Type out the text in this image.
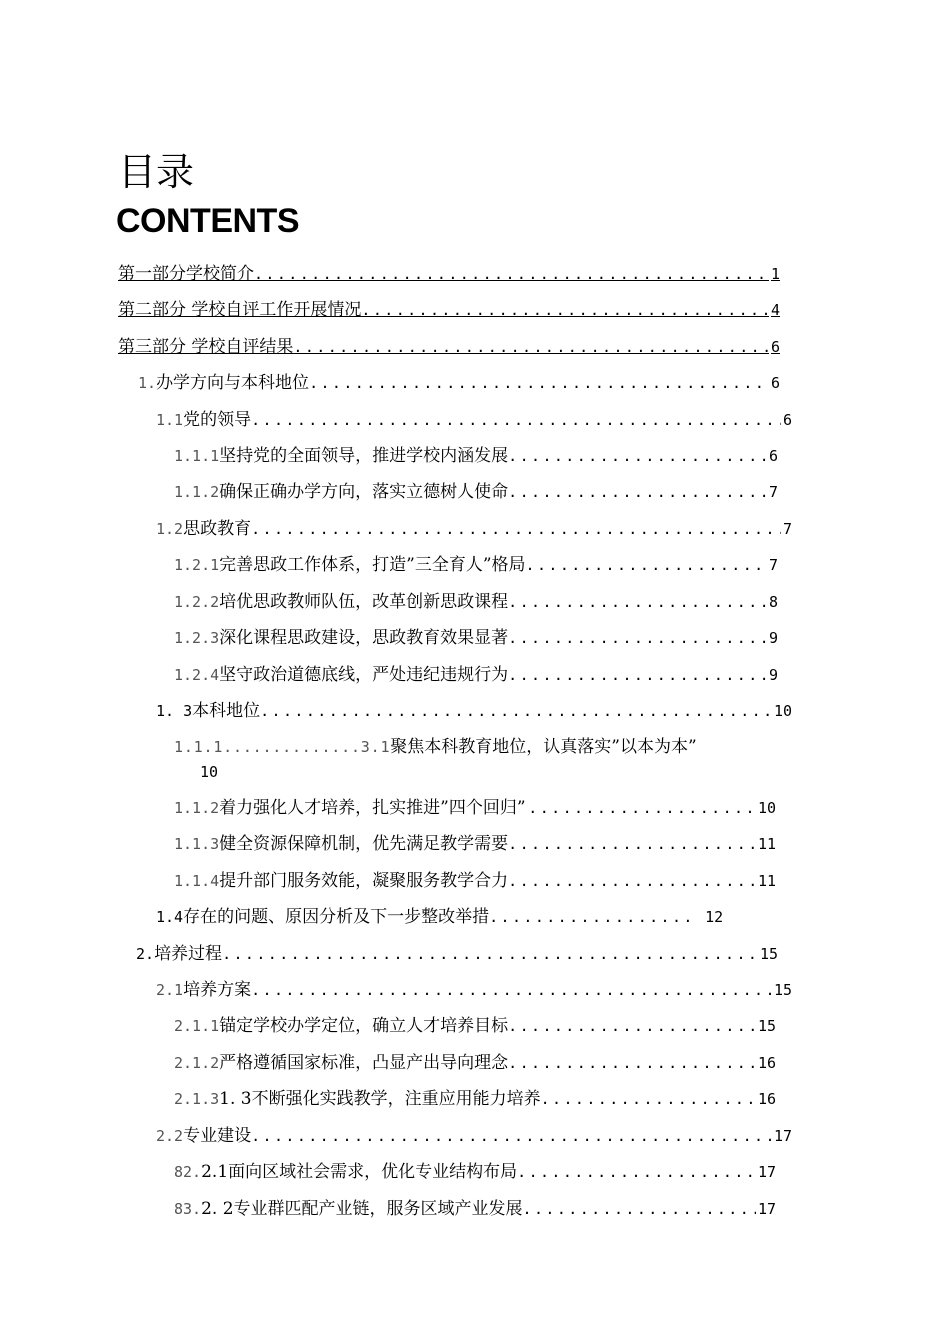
目录
CONTENTS
第一部分学校简介 .....	1
第二部分 学校自评工作开展情况 .....	4
第三部分 学校自评结果 .....	6
1. 办学方向与本科地位 .....	6
1.1 党的领导 .....	6
1.1.1 坚持党的全面领导，推进学校内涵发展 .....	6
1.1.2 确保正确办学方向，落实立德树人使命 .....	7
1.2 思政教育 .....	7
1.2.1 完善思政工作体系，打造”三全育人”格局 .....	7
1.2.2 培优思政教师队伍，改革创新思政课程 .....	8
1.2.3 深化课程思政建设，思政教育效果显著 .....	9
1.2.4 坚守政治道德底线，严处违纪违规行为 .....	9
1. 3 本科地位 .....	10
1.1.1..............3.1 聚焦本科教育地位，认真落实”以本为本”
10
1.1.2 着力强化人才培养，扎实推进”四个回归” .....	10
1.1.3 健全资源保障机制，优先满足教学需要 .....	11
1.1.4 提升部门服务效能，凝聚服务教学合力 .....	11
1.4 存在的问题、原因分析及下一步整改举措 .....	12
2. 培养过程 .....	15
2.1 培养方案 .....	15
2.1.1 锚定学校办学定位，确立人才培养目标 .....	15
2.1.2 严格遵循国家标准，凸显产出导向理念 .....	16
2.1.3 1. 3不断强化实践教学，注重应用能力培养 .....	16
2.2 专业建设 .....	17
82. 2.1面向区域社会需求，优化专业结构布局 .....	17
83. 2. 2专业群匹配产业链，服务区域产业发展 .....	17
